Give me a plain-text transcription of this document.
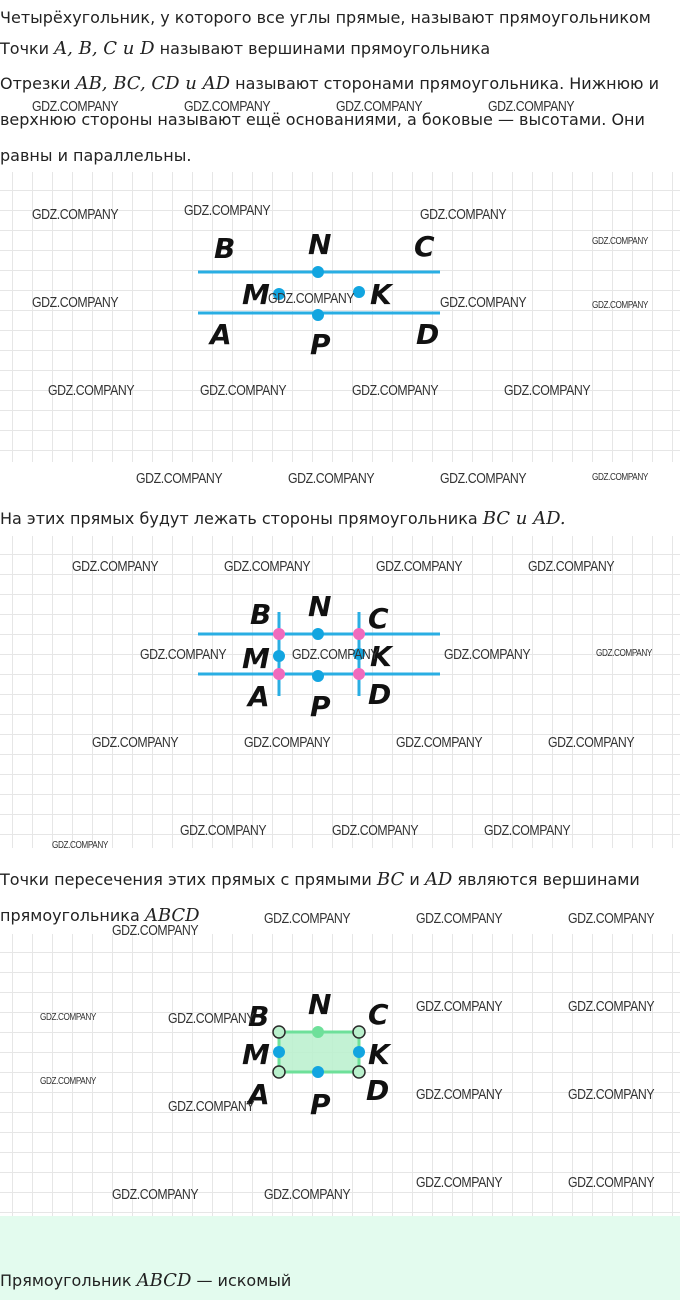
Четырёхугольник, у которого все углы прямые, называют прямоугольником

Точки A, B, C и D называют вершинами прямоугольника

Отрезки AB, BC, CD и AD называют сторонами прямоугольника. Нижнюю и верхнюю стороны называют ещё основаниями, а боковые — высотами. Они равны и параллельны.

B	N	C
M	K
A	P	D

На этих прямых будут лежать стороны прямоугольника BC и AD.

B N C
M	K
A P D

Точки пересечения этих прямых с прямыми BC и AD являются вершинами прямоугольника ABCD

B N C
M	K
A P D

Прямоугольник ABCD — искомый

GDZ.COMPANY	GDZ.COMPANY	GDZ.COMPANY	GDZ.COMPANY
GDZ.COMPANY	GDZ.COMPANY	GDZ.COMPANY
GDZ.COMPANY
GDZ.COMPANY	GDZ.COMPANY	GDZ.COMPANY	GDZ.COMPANY
GDZ.COMPANY	GDZ.COMPANY	GDZ.COMPANY	GDZ.COMPANY
GDZ.COMPANY	GDZ.COMPANY	GDZ.COMPANY	GDZ.COMPANY
GDZ.COMPANY	GDZ.COMPANY	GDZ.COMPANY	GDZ.COMPANY
GDZ.COMPANY	GDZ.COMPANY	GDZ.COMPANY	GDZ.COMPANY
GDZ.COMPANY	GDZ.COMPANY	GDZ.COMPANY	GDZ.COMPANY
GDZ.COMPANY	GDZ.COMPANY	GDZ.COMPANY
GDZ.COMPANY
GDZ.COMPANY
GDZ.COMPANY	GDZ.COMPANY	GDZ.COMPANY
GDZ.COMPANY	GDZ.COMPANY
GDZ.COMPANY	GDZ.COMPANY
GDZ.COMPANY
GDZ.COMPANY	GDZ.COMPANY
GDZ.COMPANY
GDZ.COMPANY	GDZ.COMPANY
GDZ.COMPANY	GDZ.COMPANY
